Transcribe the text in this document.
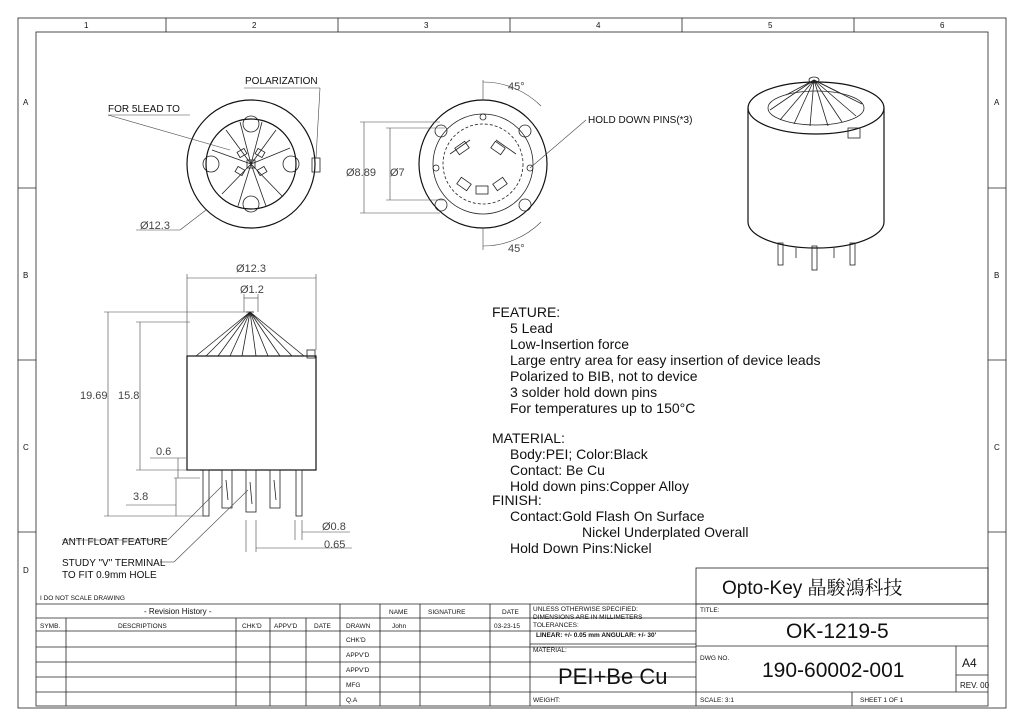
1	2	3	4	5	6
A
B
C
D
A
B
C
POLARIZATION
FOR 5LEAD TO
Ø12.3
45°
45°
Ø8.89 Ø7
HOLD DOWN PINS(*3)
Ø12.3
Ø1.2
19.69 15.8
0.6
3.8
Ø0.8
0.65
ANTI FLOAT FEATURE
STUDY "V" TERMINAL
TO FIT 0.9mm HOLE
FEATURE:
5 Lead
Low-Insertion force
Large entry area for easy insertion of device leads
Polarized to BIB, not to device
3 solder hold down pins
For temperatures up to 150°C
MATERIAL:
Body:PEI; Color:Black
Contact: Be Cu
Hold down pins:Copper Alloy
FINISH:
Contact:Gold Flash On Surface
Nickel Underplated Overall
Hold Down Pins:Nickel
I DO NOT SCALE DRAWING
- Revision History -
SYMB.	DESCRIPTIONS	CHK'D APPV'D	DATE
NAME	SIGNATURE	DATE
DRAWN	John	03-23-15
CHK'D
APPV'D
APPV'D
MFG
Q.A
UNLESS OTHERWISE SPECIFIED:
DIMENSIONS ARE IN MILLIMETERS
TOLERANCES:
LINEAR: +/- 0.05 mm ANGULAR: +/- 30'
MATERIAL:
PEI+Be Cu
WEIGHT:
Opto-Key 晶駿鴻科技
TITLE:
OK-1219-5
DWG NO.
190-60002-001	A4
REV. 00
SCALE: 3:1	SHEET 1 OF 1
